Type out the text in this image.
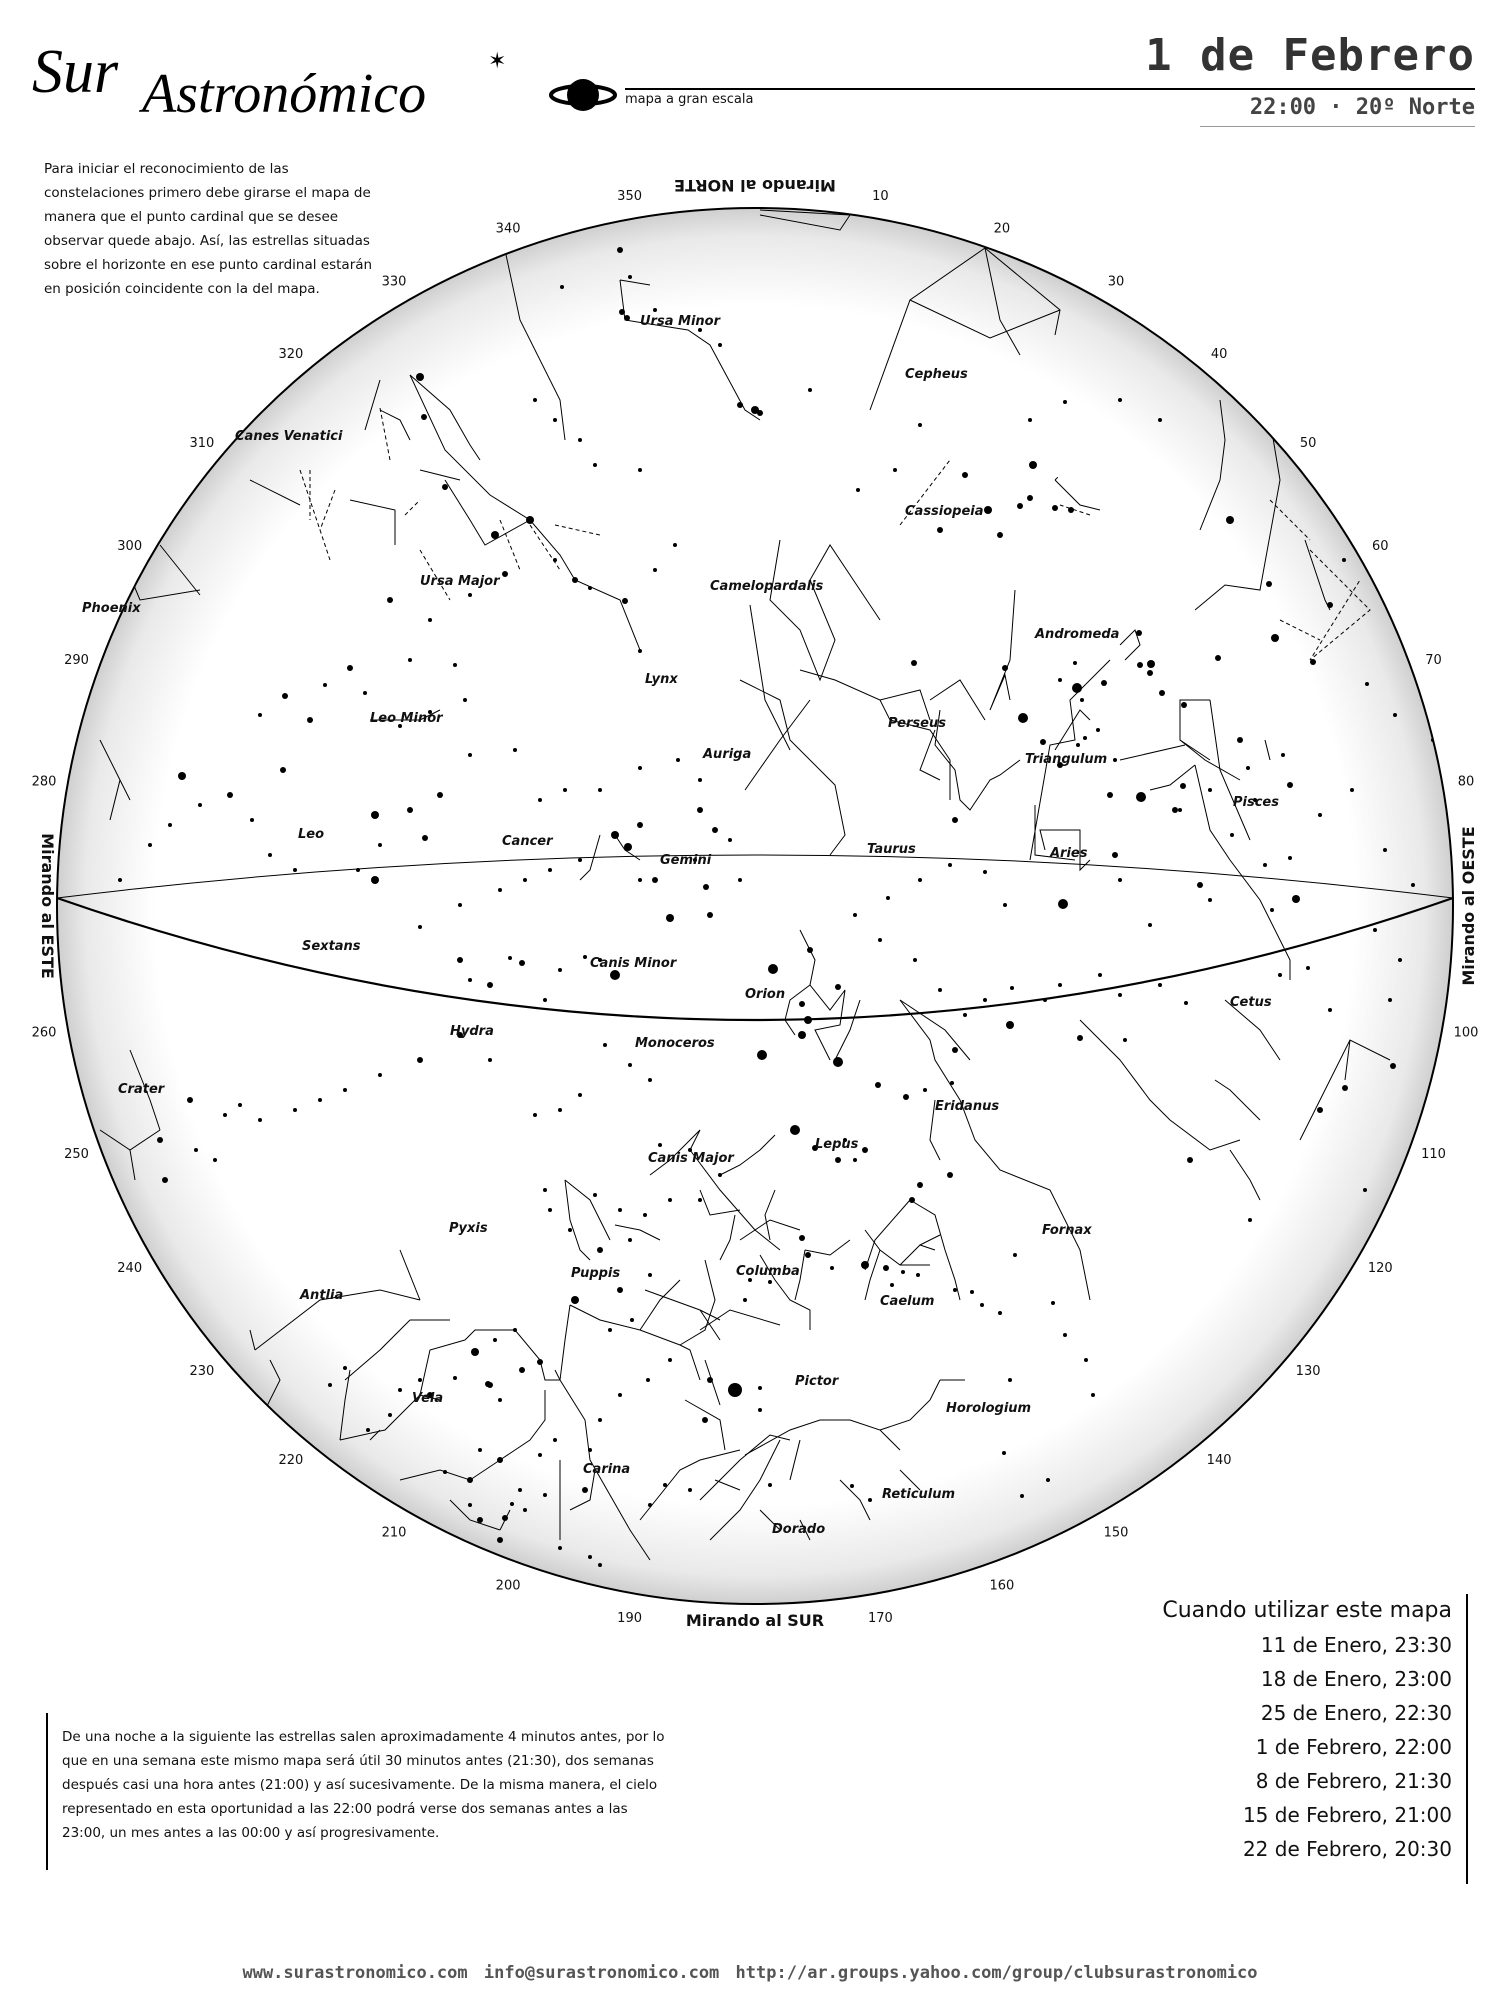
10
20
30
40
50
60
70
80
100
110
120
130
140
150
160
170
190
200
210
220
230
240
250
260
280
290
300
310
320
330
340
350
Ursa Minor
Cepheus
Canes Venatici
Cassiopeia
Ursa Major	Camelopardalis
Andromeda
Lynx
Leo Minor	Perseus
Auriga	Triangulum
Leo	Cancer
Pisces
Gemini
Taurus	Aries
Sextans
Canis Minor
Orion
Cetus
Hydra
Monoceros
Crater
Eridanus
Lepus
Canis Major
Fornax
Pyxis
Columba
Puppis
Antlia	Caelum
Pictor
Vela
Horologium
Carina
Reticulum
Dorado
Phoenix
Mirando al NORTE
Mirando al SUR
Mirando al ESTE	Mirando al OESTE
Sur Astronómico
✶
mapa a gran escala
1 de Febrero
22:00 · 20º Norte
Para iniciar el reconocimiento de las constelaciones primero debe girarse el mapa de manera que el punto cardinal que se desee observar quede abajo. Así, las estrellas situadas sobre el horizonte en ese punto cardinal estarán en posición coincidente con la del mapa.
Cuando utilizar este mapa
11 de Enero, 23:30
18 de Enero, 23:00
25 de Enero, 22:30
1 de Febrero, 22:00
8 de Febrero, 21:30
15 de Febrero, 21:00
22 de Febrero, 20:30
De una noche a la siguiente las estrellas salen aproximadamente 4 minutos antes, por lo que en una semana este mismo mapa será útil 30 minutos antes (21:30), dos semanas después casi una hora antes (21:00) y así sucesivamente. De la misma manera, el cielo representado en esta oportunidad a las 22:00 podrá verse dos semanas antes a las 23:00, un mes antes a las 00:00 y así progresivamente.
www.surastronomico.com info@surastronomico.com http://ar.groups.yahoo.com/group/clubsurastronomico
